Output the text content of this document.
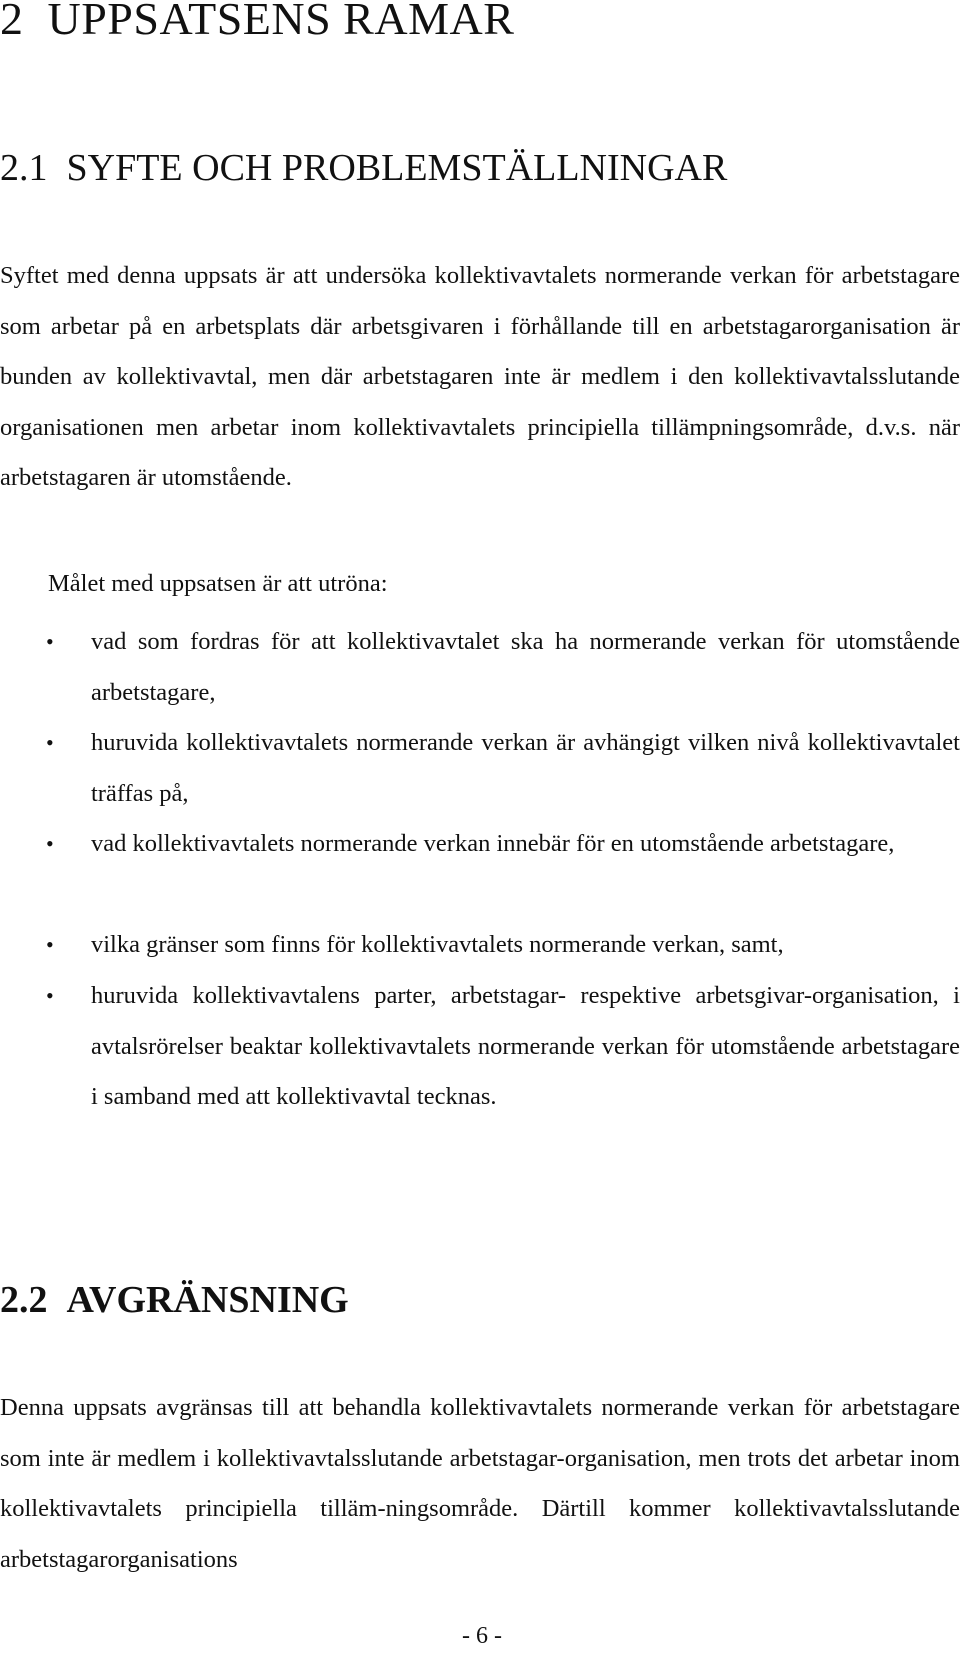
2 UPPSATSENS RAMAR
2.1 SYFTE OCH PROBLEMSTÄLLNINGAR

Syftet med denna uppsats är att undersöka kollektivavtalets normerande verkan för arbetstagare som arbetar på en arbetsplats där arbetsgivaren i förhållande till en arbetstagarorganisation är bunden av kollektivavtal, men där arbetstagaren inte är medlem i den kollektivavtalsslutande organisationen men arbetar inom kollektivavtalets principiella tillämpningsområde, d.v.s. när arbetstagaren är utomstående.

Målet med uppsatsen är att utröna:

• vad som fordras för att kollektivavtalet ska ha normerande verkan för utomstående arbetstagare,
• huruvida kollektivavtalets normerande verkan är avhängigt vilken nivå kollektivavtalet träffas på,
• vad kollektivavtalets normerande verkan innebär för en utomstående arbetstagare,
• vilka gränser som finns för kollektivavtalets normerande verkan, samt,
• huruvida kollektivavtalens parter, arbetstagar- respektive arbetsgivar-organisation, i avtalsrörelser beaktar kollektivavtalets normerande verkan för utomstående arbetstagare i samband med att kollektivavtal tecknas.
2.2 AVGRÄNSNING

Denna uppsats avgränsas till att behandla kollektivavtalets normerande verkan för arbetstagare som inte är medlem i kollektivavtalsslutande arbetstagar-organisation, men trots det arbetar inom kollektivavtalets principiella tilläm-ningsområde. Därtill kommer kollektivavtalsslutande arbetstagarorganisations

- 6 -
